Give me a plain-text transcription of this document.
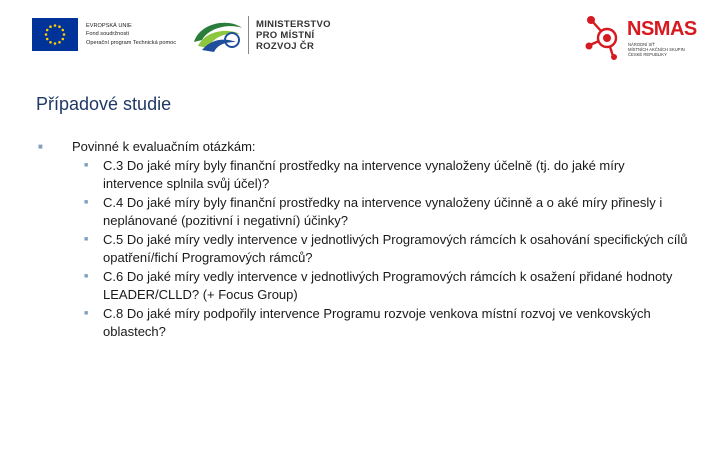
EVROPSKÁ UNIE
Fond soudržnosti
Operační program Technická pomoc
MINISTERSTVO
PRO MÍSTNÍ
ROZVOJ ČR
NSMAS
NÁRODNÍ SÍŤ
MÍSTNÍCH AKČNÍCH SKUPIN
ČESKÉ REPUBLIKY
Případové studie
■ Povinné k evaluačním otázkám:
■ C.3 Do jaké míry byly finanční prostředky na intervence vynaloženy účelně (tj. do jaké míry intervence splnila svůj účel)?
■ C.4 Do jaké míry byly finanční prostředky na intervence vynaloženy účinně a o aké míry přinesly i neplánované (pozitivní i negativní) účinky?
■ C.5 Do jaké míry vedly intervence v jednotlivých Programových rámcích k osahování specifických cílů opatření/fichí Programových rámců?
■ C.6 Do jaké míry vedly intervence v jednotlivých Programových rámcích k osažení přidané hodnoty LEADER/CLLD? (+ Focus Group)
■ C.8 Do jaké míry podpořily intervence Programu rozvoje venkova místní rozvoj ve venkovských oblastech?
